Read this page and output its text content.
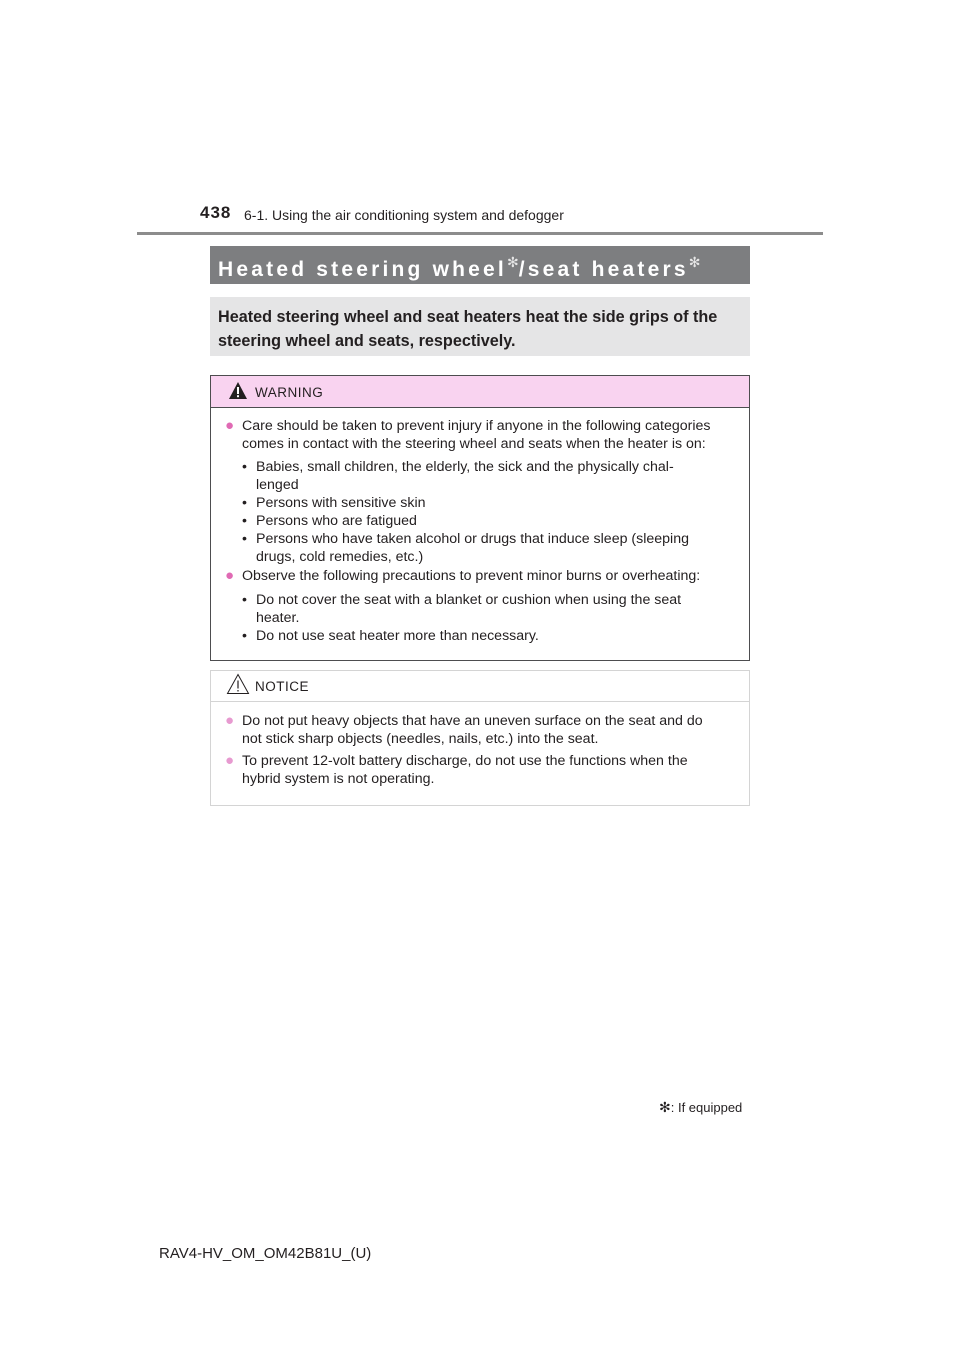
438 6-1. Using the air conditioning system and defogger
Heated steering wheel✻/seat heaters✻
Heated steering wheel and seat heaters heat the side grips of the
steering wheel and seats, respectively.
WARNING
● Care should be taken to prevent injury if anyone in the following categories
comes in contact with the steering wheel and seats when the heater is on:
• Babies, small children, the elderly, the sick and the physically chal-
lenged
• Persons with sensitive skin
• Persons who are fatigued
• Persons who have taken alcohol or drugs that induce sleep (sleeping
drugs, cold remedies, etc.)
● Observe the following precautions to prevent minor burns or overheating:
• Do not cover the seat with a blanket or cushion when using the seat
heater.
• Do not use seat heater more than necessary.
NOTICE
● Do not put heavy objects that have an uneven surface on the seat and do
not stick sharp objects (needles, nails, etc.) into the seat.
● To prevent 12-volt battery discharge, do not use the functions when the
hybrid system is not operating.
✻: If equipped
RAV4-HV_OM_OM42B81U_(U)
